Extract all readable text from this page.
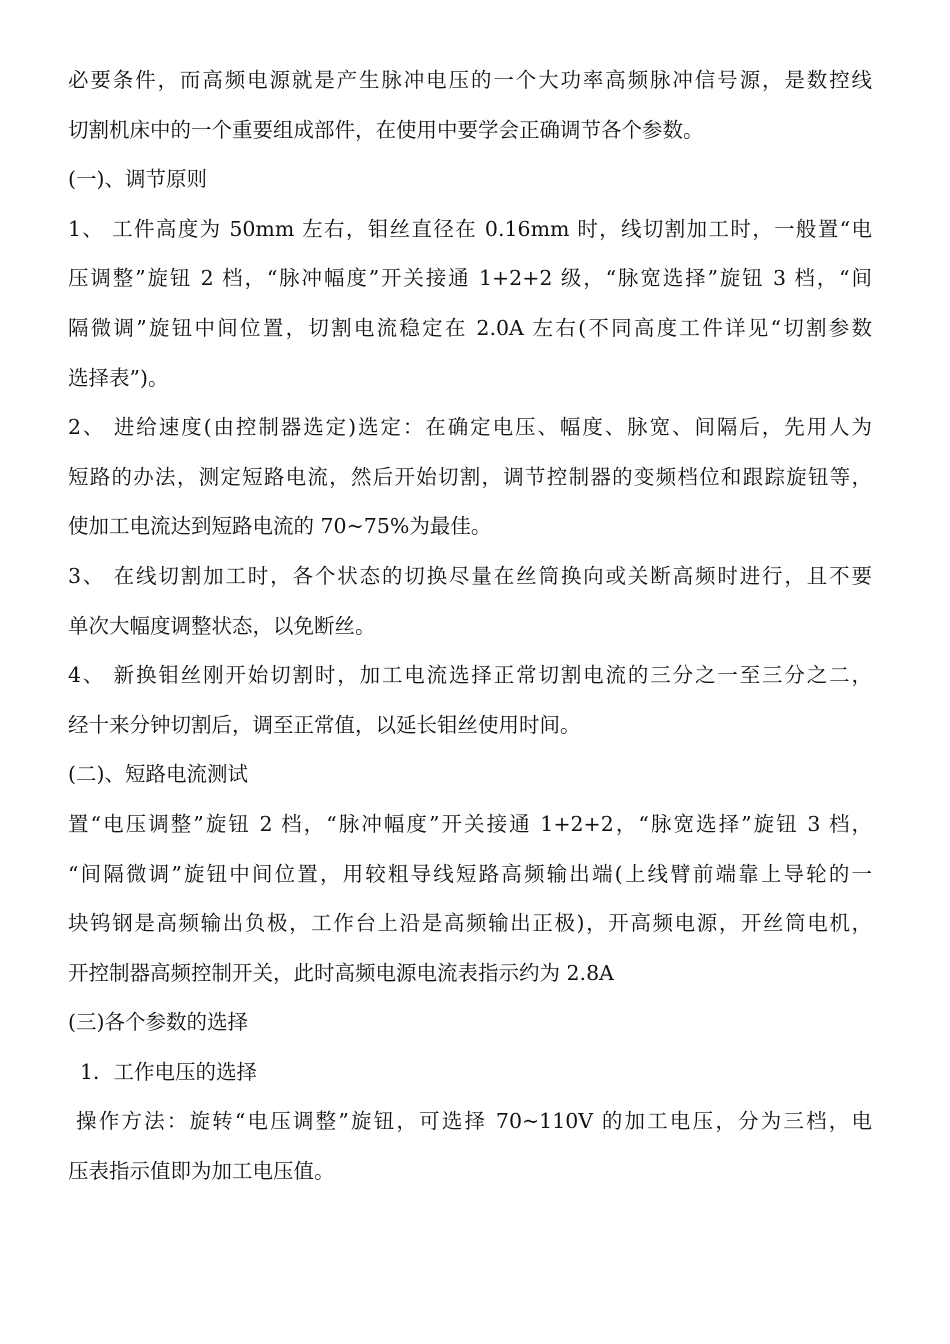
必要条件，而高频电源就是产生脉冲电压的一个大功率高频脉冲信号源，是数控线
切割机床中的一个重要组成部件，在使用中要学会正确调节各个参数。
(一)、调节原则
1、 工件高度为 50mm 左右，钼丝直径在 0.16mm 时，线切割加工时，一般置“电
压调整”旋钮 2 档，“脉冲幅度”开关接通 1+2+2 级，“脉宽选择”旋钮 3 档，“间
隔微调”旋钮中间位置，切割电流稳定在 2.0A 左右(不同高度工件详见“切割参数
选择表”)。
2、 进给速度(由控制器选定)选定：在确定电压、幅度、脉宽、间隔后，先用人为
短路的办法，测定短路电流，然后开始切割，调节控制器的变频档位和跟踪旋钮等，
使加工电流达到短路电流的 70~75%为最佳。
3、 在线切割加工时，各个状态的切换尽量在丝筒换向或关断高频时进行，且不要
单次大幅度调整状态，以免断丝。
4、 新换钼丝刚开始切割时，加工电流选择正常切割电流的三分之一至三分之二，
经十来分钟切割后，调至正常值，以延长钼丝使用时间。
(二)、短路电流测试
置“电压调整”旋钮 2 档，“脉冲幅度”开关接通 1+2+2，“脉宽选择”旋钮 3 档，
“间隔微调”旋钮中间位置，用较粗导线短路高频输出端(上线臂前端靠上导轮的一
块钨钢是高频输出负极，工作台上沿是高频输出正极)，开高频电源，开丝筒电机，
开控制器高频控制开关，此时高频电源电流表指示约为 2.8A
(三)各个参数的选择
1．工作电压的选择
操作方法：旋转“电压调整”旋钮，可选择 70~110V 的加工电压，分为三档，电
压表指示值即为加工电压值。
